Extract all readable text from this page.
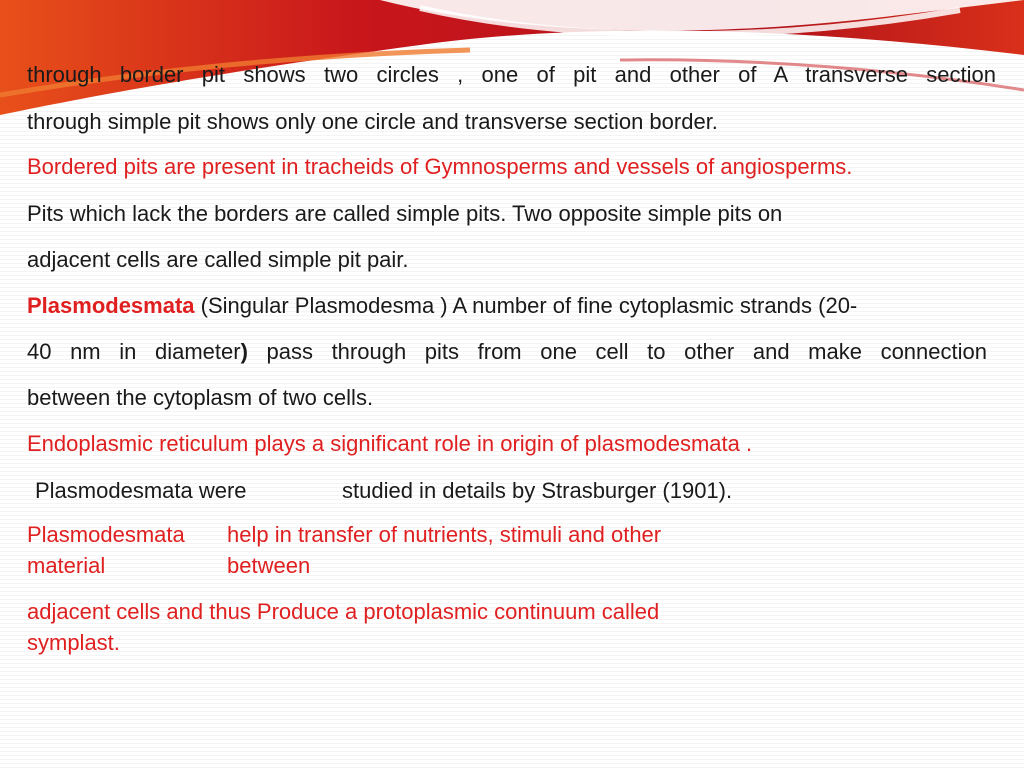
through border pit shows two circles , one of pit and other of A transverse section

through simple pit shows only one circle and transverse section border.

Bordered pits are present in tracheids of Gymnosperms and vessels of angiosperms.

Pits which lack the borders are called simple pits. Two opposite simple pits on

adjacent cells are called simple pit pair.

Plasmodesmata (Singular Plasmodesma ) A number of fine cytoplasmic strands (20-

40 nm in diameter) pass through pits from one cell to other and make connection

between the cytoplasm of two cells.

Endoplasmic reticulum plays a significant role in origin of plasmodesmata .

Plasmodesmata were	studied in details by Strasburger (1901).

Plasmodesmata help in transfer of nutrients, stimuli and other

material	between

adjacent cells and thus Produce a protoplasmic continuum called

symplast.
